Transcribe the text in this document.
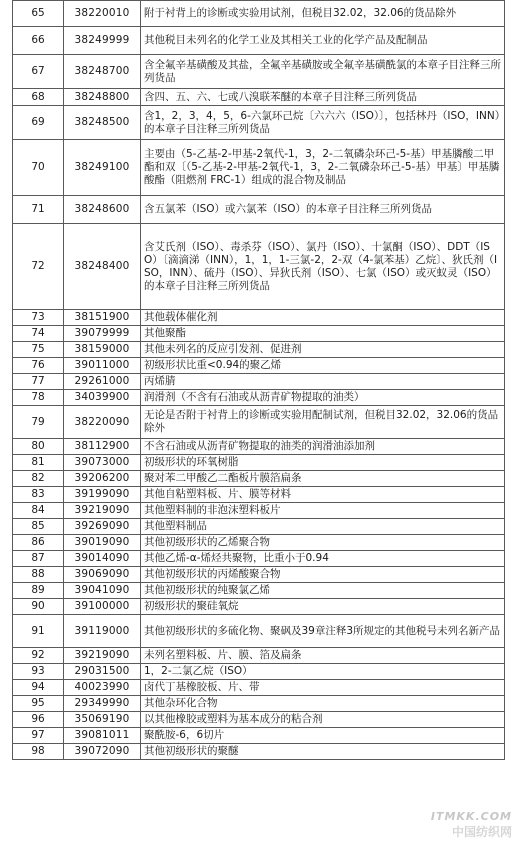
65	38220010	附于衬背上的诊断或实验用试剂，但税目32.02，32.06的货品除外
66	38249999	其他税目未列名的化学工业及其相关工业的化学产品及配制品
67	38248700	含全氟辛基磺酸及其盐，全氟辛基磺胺或全氟辛基磺酰氯的本章子目注释三所列货品
68	38248800	含四、五、六、七或八溴联苯醚的本章子目注释三所列货品
69	38248500	含1，2，3，4，5，6-六氯环己烷〔六六六（ISO）〕，包括林丹（ISO，INN）的本章子目注释三所列货品
70	38249100	主要由（5-乙基-2-甲基-2氧代-1，3，2-二氧磷杂环己-5-基）甲基膦酸二甲酯和双〔（5-乙基-2-甲基-2氧代-1，3，2-二氧磷杂环己-5-基）甲基〕甲基膦酸酯（阻燃剂 FRC-1）组成的混合物及制品
71	38248600	含五氯苯（ISO）或六氯苯（ISO）的本章子目注释三所列货品
72	38248400	含艾氏剂（ISO）、毒杀芬（ISO）、氯丹（ISO）、十氯酮（ISO）、DDT（ISO）〔滴滴涕（INN），1，1，1-三氯-2，2-双（4-氯苯基）乙烷〕、狄氏剂（ISO，INN）、硫丹（ISO）、异狄氏剂（ISO）、七氯（ISO）或灭蚁灵（ISO）的本章子目注释三所列货品
73	38151900	其他载体催化剂
74	39079999	其他聚酯
75	38159000	其他未列名的反应引发剂、促进剂
76	39011000	初级形状比重<0.94的聚乙烯
77	29261000	丙烯腈
78	34039900	润滑剂（不含有石油或从沥青矿物提取的油类）
79	38220090	无论是否附于衬背上的诊断或实验用配制试剂，但税目32.02，32.06的货品除外
80	38112900	不含石油或从沥青矿物提取的油类的润滑油添加剂
81	39073000	初级形状的环氧树脂
82	39206200	聚对苯二甲酸乙二酯板片膜箔扁条
83	39199090	其他自粘塑料板、片、膜等材料
84	39219090	其他塑料制的非泡沫塑料板片
85	39269090	其他塑料制品
86	39019090	其他初级形状的乙烯聚合物
87	39014090	其他乙烯-α-烯烃共聚物，比重小于0.94
88	39069090	其他初级形状的丙烯酸聚合物
89	39041090	其他初级形状的纯聚氯乙烯
90	39100000	初级形状的聚硅氧烷
91	39119000	其他初级形状的多硫化物、聚砜及39章注释3所规定的其他税号未列名新产品
92	39219090	未列名塑料板、片、膜、箔及扁条
93	29031500	1，2-二氯乙烷（ISO）
94	40023990	卤代丁基橡胶板、片、带
95	29349990	其他杂环化合物
96	35069190	以其他橡胶或塑料为基本成分的粘合剂
97	39081011	聚酰胺-6，6切片
98	39072090	其他初级形状的聚醚
ITMKK.COM
中国纺织网
